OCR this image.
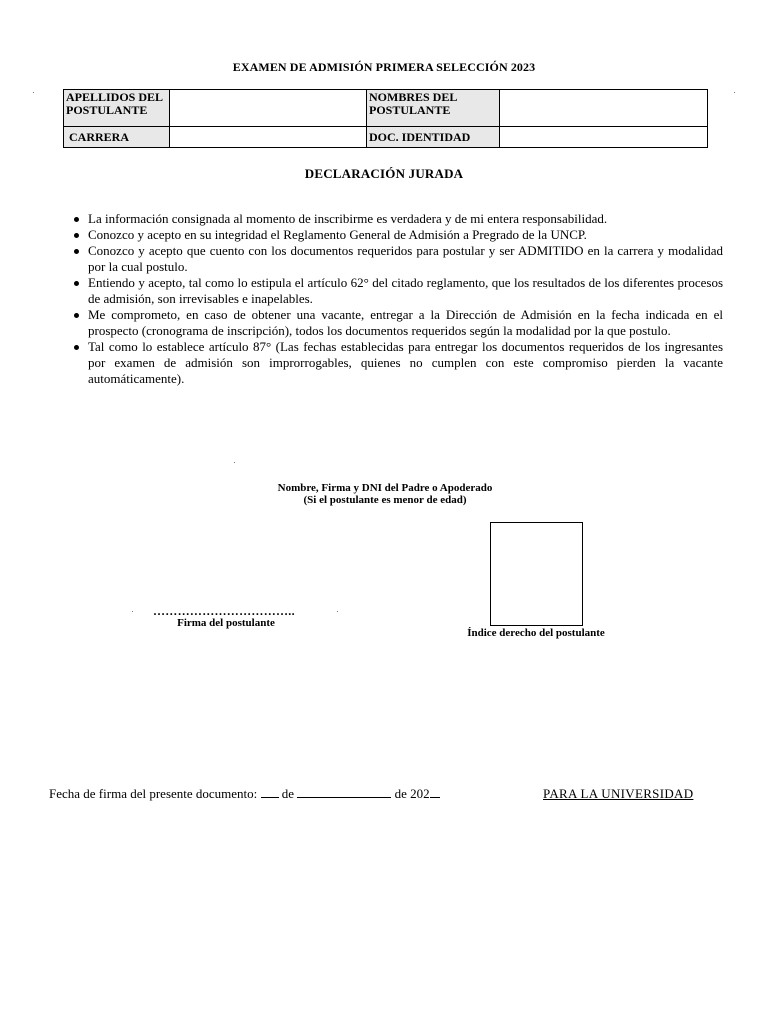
EXAMEN DE ADMISIÓN PRIMERA SELECCIÓN 2023
APELLIDOS DEL POSTULANTE		NOMBRES DEL POSTULANTE	
CARRERA		DOC. IDENTIDAD	
DECLARACIÓN JURADA
La información consignada al momento de inscribirme es verdadera y de mi entera responsabilidad.
Conozco y acepto en su integridad el Reglamento General de Admisión a Pregrado de la UNCP.
Conozco y acepto que cuento con los documentos requeridos para postular y ser ADMITIDO en la carrera y modalidad por la cual postulo.
Entiendo y acepto, tal como lo estipula el artículo 62° del citado reglamento, que los resultados de los diferentes procesos de admisión, son irrevisables e inapelables.
Me comprometo, en caso de obtener una vacante, entregar a la Dirección de Admisión en la fecha indicada en el prospecto (cronograma de inscripción), todos los documentos requeridos según la modalidad por la que postulo.
Tal como lo establece artículo 87° (Las fechas establecidas para entregar los documentos requeridos de los ingresantes por examen de admisión son improrrogables, quienes no cumplen con este compromiso pierden la vacante automáticamente).
Nombre, Firma y DNI del Padre o Apoderado
(Si el postulante es menor de edad)
Índice derecho del postulante
……………………………..
Firma del postulante
Fecha de firma del presente documento: de	de 202	PARA LA UNIVERSIDAD
